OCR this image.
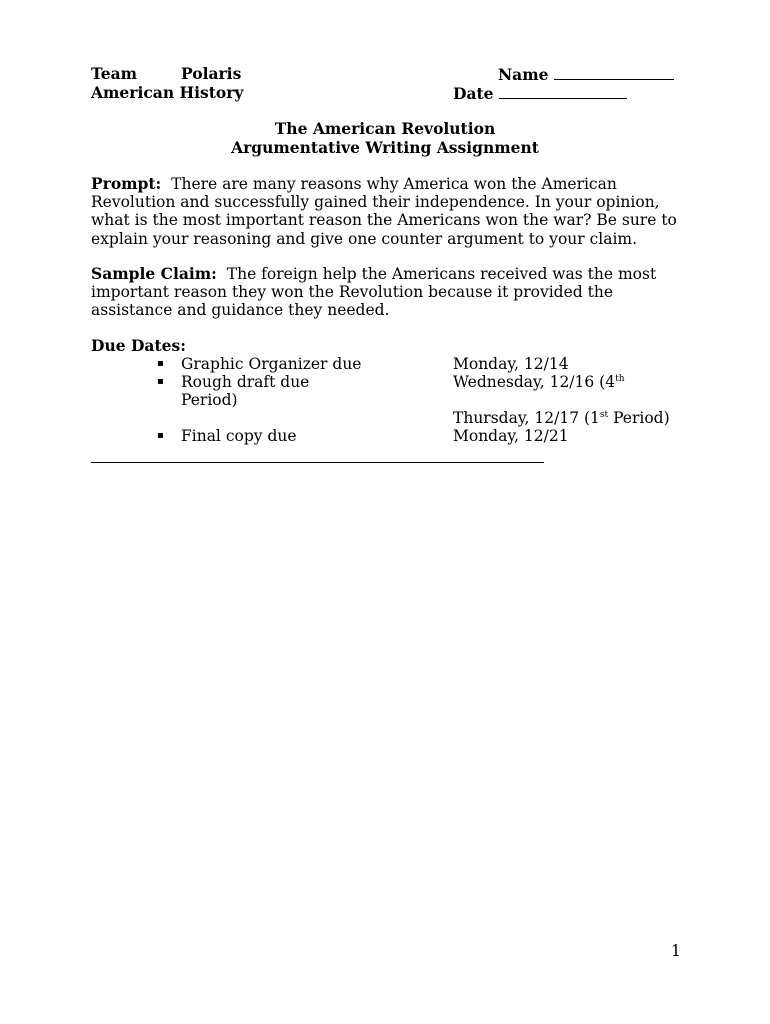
Team	Polaris	Name
American History	Date
The American Revolution
Argumentative Writing Assignment
Prompt: There are many reasons why America won the American Revolution and successfully gained their independence. In your opinion, what is the most important reason the Americans won the war? Be sure to explain your reasoning and give one counter argument to your claim.
Sample Claim: The foreign help the Americans received was the most important reason they won the Revolution because it provided the assistance and guidance they needed.
Due Dates:
▪ Graphic Organizer due	Monday, 12/14
▪ Rough draft due	Wednesday, 12/16 (4th
Period)
Thursday, 12/17 (1st Period)
▪ Final copy due	Monday, 12/21
1
